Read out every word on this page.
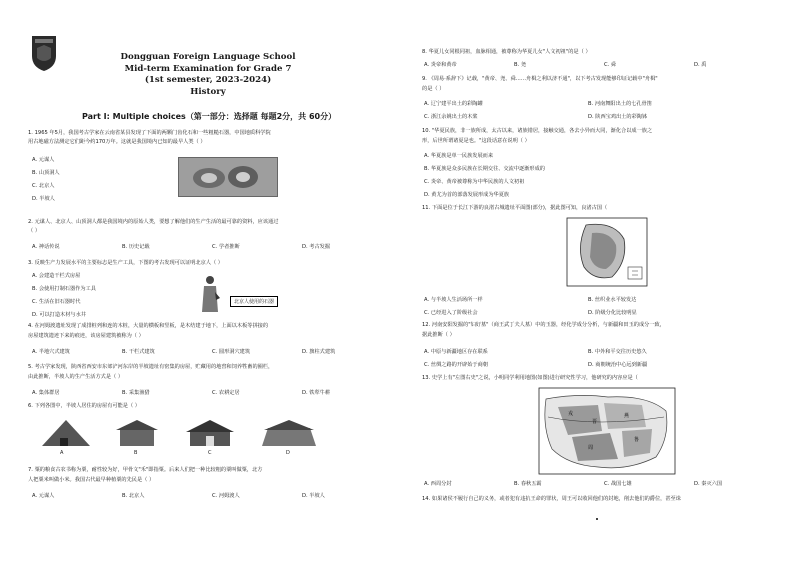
Dongguan Foreign Language School
Mid-term Examination for Grade 7
(1st semester, 2023-2024)
History
Part Ⅰ: Multiple choices（第一部分：选择题 每题2分，共 60分）
1. 1965 年5月，我国考古学家在云南省某县发现了下面的两颗门齿化石和一些粗糙石器，中国地质科学院
用古地磁方法测定它们距今约170万年。这就是我国境内已知的最早人类（ ）
A. 元谋人
B. 山顶洞人
C. 北京人
D. 半坡人
2. 元谋人、北京人、山顶洞人都是我国境内的原始人类，要想了解他们的生产生活的最可靠的资料，应该通过
（ ）
A. 神话传说	B. 历史记载	C. 学者推断	D. 考古发掘
3. 反映生产力发展水平的主要标志是生产工具，下图的考古发现可以证明北京人（ ）
A. 会建造干栏式房屋
B. 会使用打制石器作为工具
C. 生活在旧石器时代
D. 可以打造木材与水井
北京人使用的石器
4. 在河姆渡遗址发现了成排桩列和连的木桩，大量的横板和竖板，是木结建于地下，上面以木板等拼接的
房屋建筑遗迹下来的痕迹，该房屋建筑被称为（ ）
A. 半地穴式建筑	B. 干栏式建筑	C. 圆形洞穴建筑	D. 旗柱式建筑
5. 考古学家发现，陕西省西安市东郊浐河东岸的半坡遗址有密集的房屋，贮藏用的地窖和饲养牲畜的圈栏，
由此推断，半坡人的生产生活方式是（ ）
A. 集体群居	B. 采集渔猎	C. 农耕定居	D. 铁犁牛耕
6. 下列各图中，半坡人居住的房屋有可能是（ ）
A	B	C	D
7. 粟的粮食古农书称为粟，耐性较为好，甲骨文"禾"即指粟。后来人们把一种比较粗的粟叫做粟，北方
人把粟米叫做小米。我国古代最早种植粟的先民是（ ）
A. 元谋人	B. 北京人	C. 河姆渡人	D. 半坡人
8. 华夏儿女同根同祖，血脉相通，被尊称为华夏儿女"人文初祖"的是（ ）
A. 炎帝和黄帝	B. 尧	C. 舜	D. 禹
9. 《周易·系辞下》记载，"黄帝、尧、舜……舟楫之利以济不通"，以下考古发现能够印证记载中"舟楫"
的是（ ）
A. 辽宁建平出土的彩陶罐	B. 河南舞阳出土的七孔骨笛
C. 浙江余姚出土的木桨	D. 陕西宝鸡出土的彩陶钵
10. "华夏民族，非一族所成，太古以来，诸族错居，接触交通，各去小异而大同，渐化合以成一族之
形，后世所谓诸夏是也。"这段话意在说明（ ）
A. 华夏族是单一民族发展而来
B. 华夏族是众多民族在长期交往、交流中逐渐形成的
C. 炎帝、黄帝被尊称为中华民族的人文初祖
D. 黄尤为首的部落发展形成为华夏族
11. 下面是位于长江下游的良渚古城遗址平面图(部分)，据此图可知，良渚古国（
A. 与半坡人生活场所一样	B. 丝织业水平较发达
C. 已经进入了阶级社会	D. 阶级分化比较明显
12. 河南安阳发掘的"妇好墓"（商王武丁夫人墓）中的玉器，经化学成分分析，与新疆和田玉的成分一致，
据此推断（ ）
A. 中原与新疆地区存在联系	B. 中外和平交往历史悠久
C. 丝绸之路的开辟始于商朝	D. 商朝统治中心远到新疆
13. 史学上有"左图右史"之说，小明同学利用地图(如图)进行研究性学习，他研究的内容应是（
燕
戎
晋
鲁
周
A. 西周分封	B. 春秋五霸	C. 战国七雄	D. 秦灭六国
14. 如果诸侯不履行自己的义务，或者犯有违抗王命的罪状，周王可以收回他们的封地，削去他们的爵位，甚至诛
